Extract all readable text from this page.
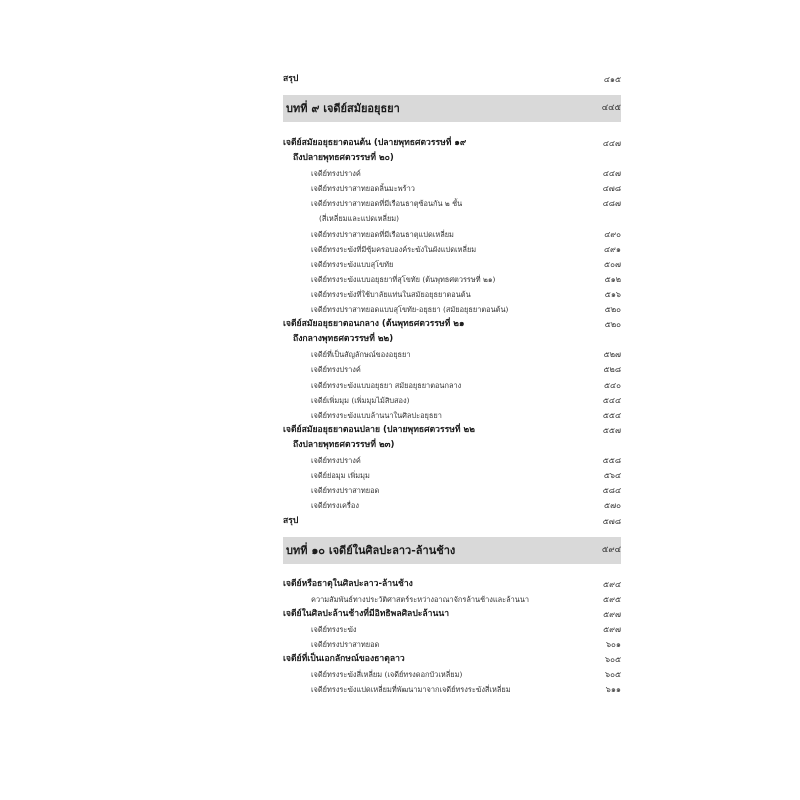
สรุป	๔๑๕
บทที่ ๙ เจดีย์สมัยอยุธยา	๔๔๕
เจดีย์สมัยอยุธยาตอนต้น (ปลายพุทธศตวรรษที่ ๑๙	๔๔๗
ถึงปลายพุทธศตวรรษที่ ๒๐)
เจดีย์ทรงปรางค์	๔๔๗
เจดีย์ทรงปราสาทยอดลิ้นมะพร้าว	๔๗๘
เจดีย์ทรงปราสาทยอดที่มีเรือนธาตุซ้อนกัน ๒ ชั้น	๔๘๗
(สี่เหลี่ยมและแปดเหลี่ยม)
เจดีย์ทรงปราสาทยอดที่มีเรือนธาตุแปดเหลี่ยม	๔๙๐
เจดีย์ทรงระฆังที่มีซุ้มครอบองค์ระฆังในผังแปดเหลี่ยม	๔๙๑
เจดีย์ทรงระฆังแบบสุโขทัย	๕๐๗
เจดีย์ทรงระฆังแบบอยุธยาที่สุโขทัย (ต้นพุทธศตวรรษที่ ๒๑)	๕๑๒
เจดีย์ทรงระฆังที่ใช้บาลัยแท่นในสมัยอยุธยาตอนต้น	๕๑๖
เจดีย์ทรงปราสาทยอดแบบสุโขทัย-อยุธยา (สมัยอยุธยาตอนต้น)	๕๒๐
เจดีย์สมัยอยุธยาตอนกลาง (ต้นพุทธศตวรรษที่ ๒๑	๕๒๐
ถึงกลางพุทธศตวรรษที่ ๒๒)
เจดีย์ที่เป็นสัญลักษณ์ของอยุธยา	๕๒๗
เจดีย์ทรงปรางค์	๕๒๘
เจดีย์ทรงระฆังแบบอยุธยา สมัยอยุธยาตอนกลาง	๕๔๐
เจดีย์เพิ่มมุม (เพิ่มมุมไม้สิบสอง)	๕๔๔
เจดีย์ทรงระฆังแบบล้านนาในศิลปะอยุธยา	๕๕๔
เจดีย์สมัยอยุธยาตอนปลาย (ปลายพุทธศตวรรษที่ ๒๒	๕๕๗
ถึงปลายพุทธศตวรรษที่ ๒๓)
เจดีย์ทรงปรางค์	๕๕๘
เจดีย์ย่อมุม เพิ่มมุม	๕๖๔
เจดีย์ทรงปราสาทยอด	๕๘๔
เจดีย์ทรงเครื่อง	๕๗๐
สรุป	๕๗๘
บทที่ ๑๐ เจดีย์ในศิลปะลาว-ล้านช้าง	๕๙๔
เจดีย์หรือธาตุในศิลปะลาว-ล้านช้าง	๕๙๔
ความสัมพันธ์ทางประวัติศาสตร์ระหว่างอาณาจักรล้านช้างและล้านนา	๕๙๕
เจดีย์ในศิลปะล้านช้างที่มีอิทธิพลศิลปะล้านนา	๕๙๗
เจดีย์ทรงระฆัง	๕๙๗
เจดีย์ทรงปราสาทยอด	๖๐๑
เจดีย์ที่เป็นเอกลักษณ์ของธาตุลาว	๖๐๕
เจดีย์ทรงระฆังสี่เหลี่ยม (เจดีย์ทรงดอกบัวเหลี่ยม)	๖๐๕
เจดีย์ทรงระฆังแปดเหลี่ยมที่พัฒนามาจากเจดีย์ทรงระฆังสี่เหลี่ยม	๖๑๑
